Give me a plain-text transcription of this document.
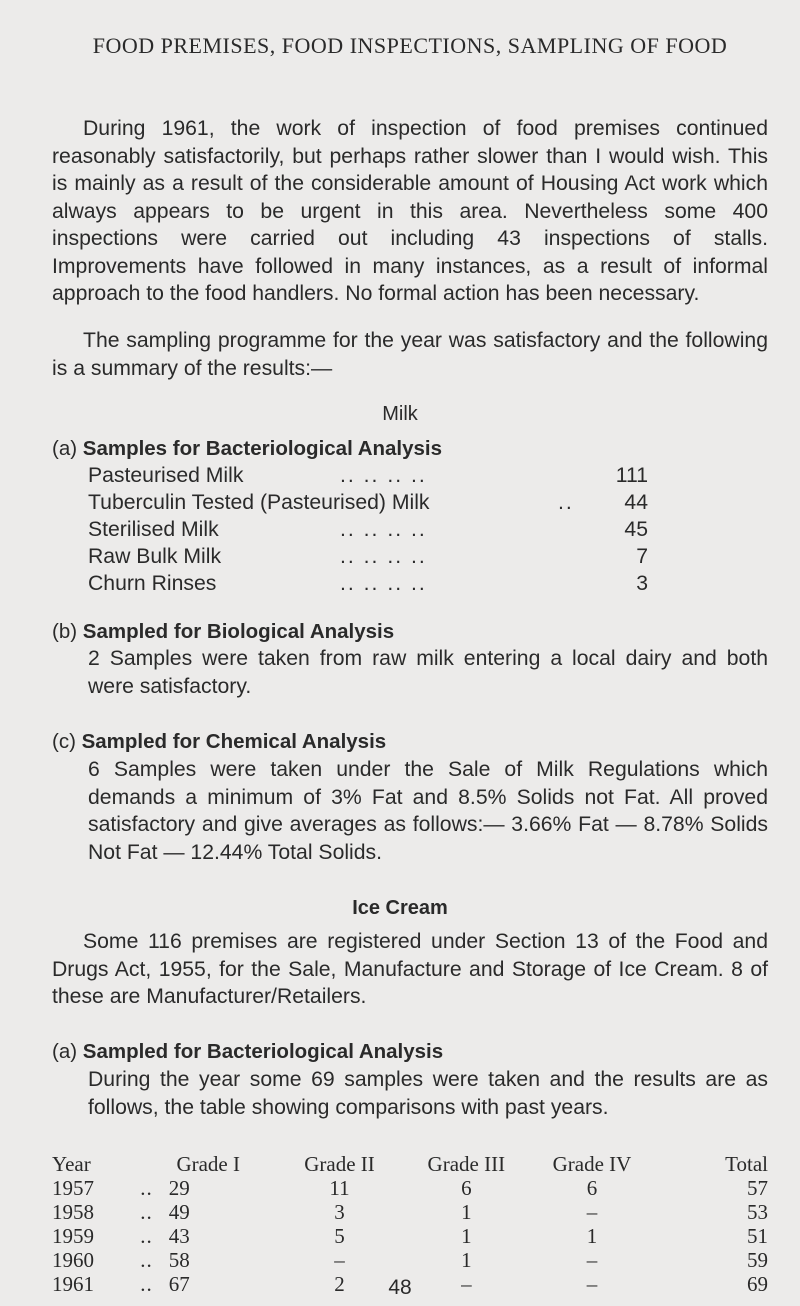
FOOD PREMISES, FOOD INSPECTIONS, SAMPLING OF FOOD

During 1961, the work of inspection of food premises continued reasonably satisfactorily, but perhaps rather slower than I would wish. This is mainly as a result of the considerable amount of Housing Act work which always appears to be urgent in this area. Nevertheless some 400 inspections were carried out including 43 inspections of stalls. Improvements have followed in many instances, as a result of informal approach to the food handlers. No formal action has been necessary.

The sampling programme for the year was satisfactory and the following is a summary of the results:—

Milk
(a) Samples for Bacteriological Analysis
Pasteurised Milk	.. .. .. ..	111
Tuberculin Tested (Pasteurised) Milk	.. 44
Sterilised Milk	.. .. .. ..	45
Raw Bulk Milk	.. .. .. ..	7
Churn Rinses	.. .. .. ..	3
(b) Sampled for Biological Analysis

2 Samples were taken from raw milk entering a local dairy and both were satisfactory.

(c) Sampled for Chemical Analysis

6 Samples were taken under the Sale of Milk Regulations which demands a minimum of 3% Fat and 8.5% Solids not Fat. All proved satisfactory and give averages as follows:— 3.66% Fat — 8.78% Solids Not Fat — 12.44% Total Solids.

Ice Cream

Some 116 premises are registered under Section 13 of the Food and Drugs Act, 1955, for the Sale, Manufacture and Storage of Ice Cream. 8 of these are Manufacturer/Retailers.

(a) Sampled for Bacteriological Analysis

During the year some 69 samples were taken and the results are as follows, the table showing comparisons with past years.

Year	Grade I	Grade II	Grade III	Grade IV	Total
1957	.. 29	11	6	6	57
1958	.. 49	3	1	–	53
1959	.. 43	5	1	1	51
1960	.. 58	–	1	–	59
1961	.. 67	2	–	–	69
48
